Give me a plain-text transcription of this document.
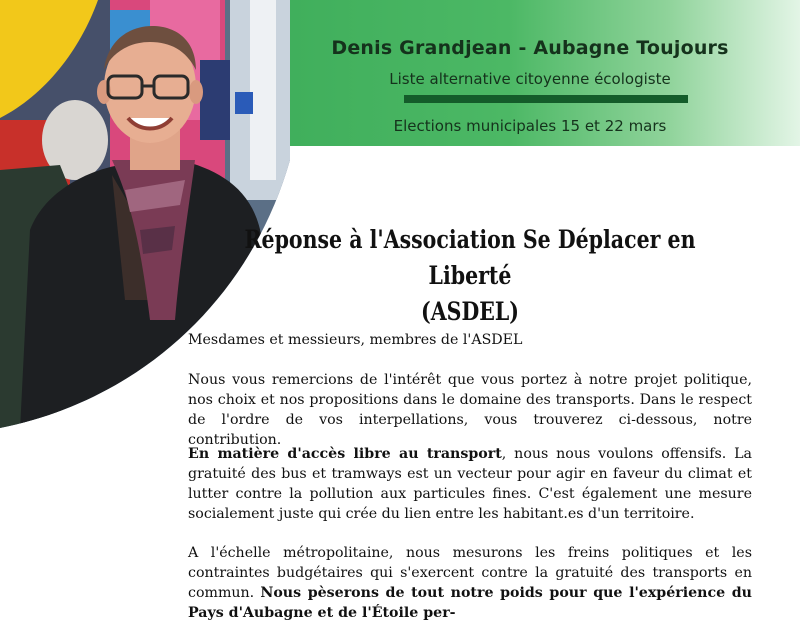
Denis Grandjean - Aubagne Toujours
Liste alternative citoyenne écologiste
Elections municipales 15 et 22 mars
Réponse à l'Association Se Déplacer en Liberté
(ASDEL)
Mesdames et messieurs, membres de l'ASDEL
Nous vous remercions de l'intérêt que vous portez à notre projet politique, nos choix et nos propositions dans le domaine des transports. Dans le respect de l'ordre de vos interpellations, vous trouverez ci-dessous, notre contribution.
En matière d'accès libre au transport, nous nous voulons offensifs. La gratuité des bus et tramways est un vecteur pour agir en faveur du climat et lutter contre la pollution aux particules fines. C'est également une mesure socialement juste qui crée du lien entre les habitant.es d'un territoire.
A l'échelle métropolitaine, nous mesurons les freins politiques et les contraintes budgétaires qui s'exercent contre la gratuité des transports en commun. Nous pèserons de tout notre poids pour que l'expérience du Pays d'Aubagne et de l'Étoile per-
